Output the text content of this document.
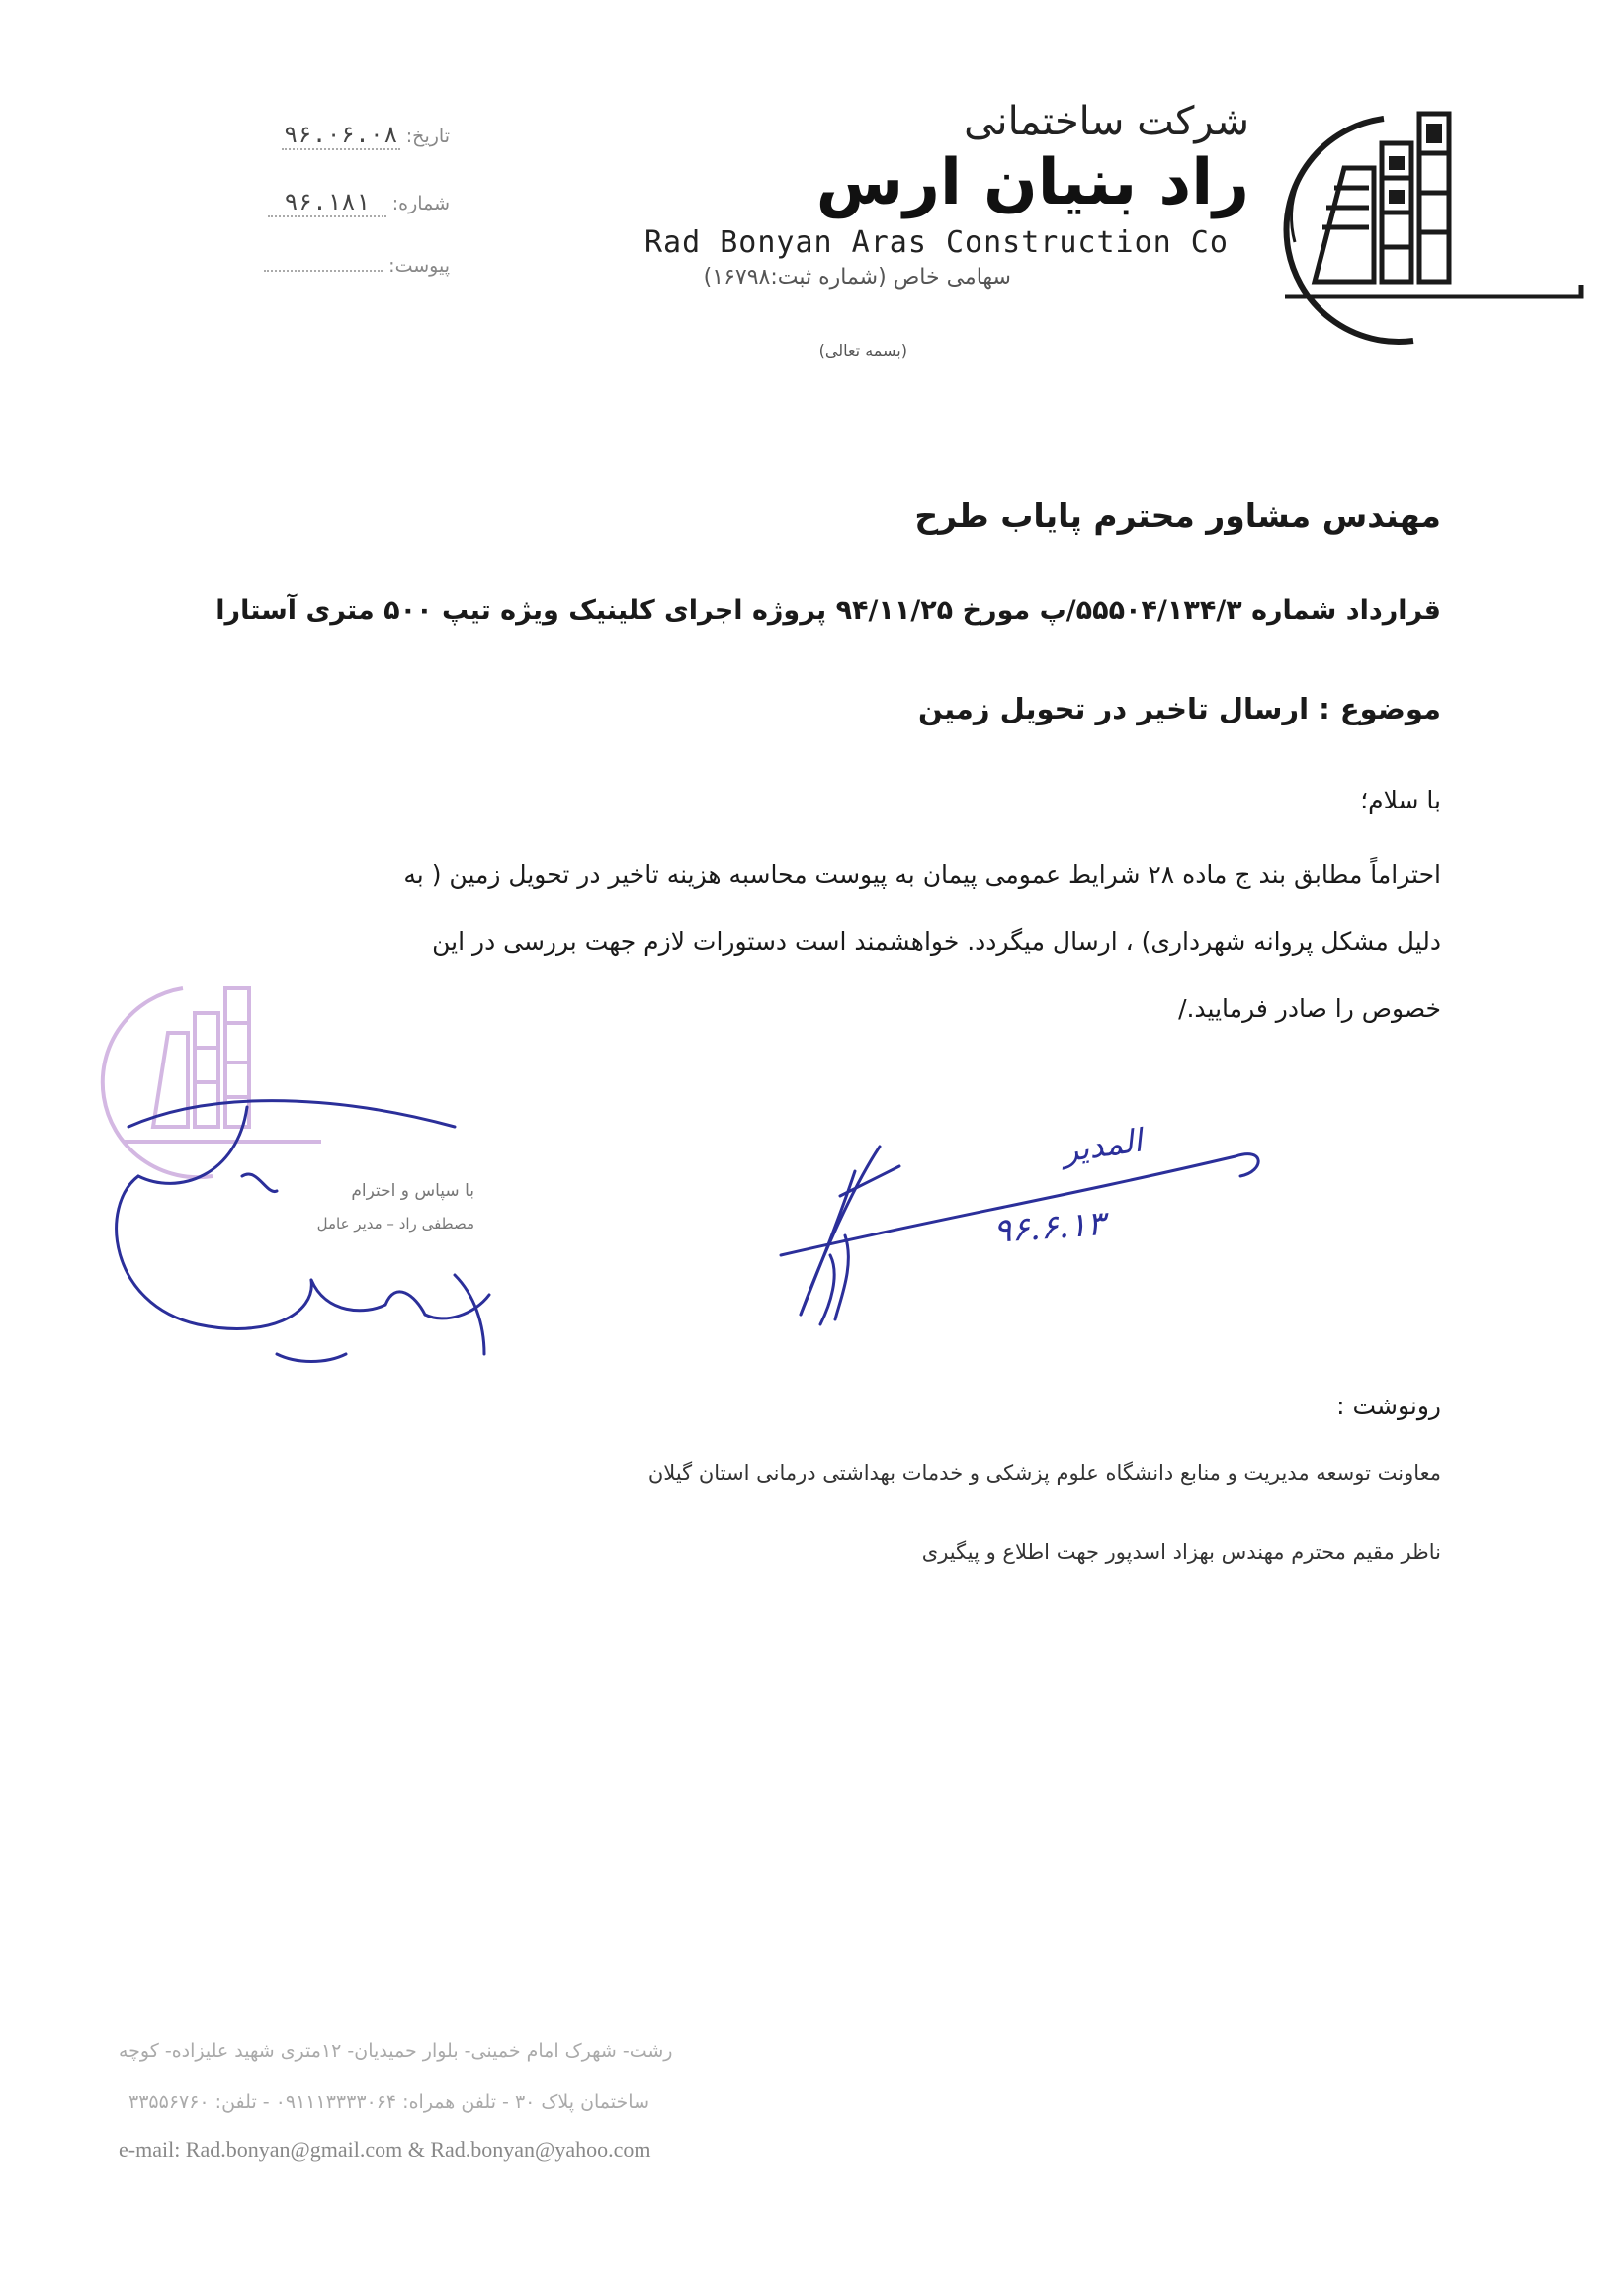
شرکت ساختمانی
راد بنیان ارس
Rad Bonyan Aras Construction Co
سهامی خاص (شماره ثبت:۱۶۷۹۸)
(بسمه تعالی)
تاریخ:
۹۶.۰۶.۰۸
شماره:
۹۶.۱۸۱
پیوست:
مهندس مشاور محترم پایاب طرح
قرارداد شماره ۵۵۵۰۴/۱۳۴/۳/پ مورخ ۹۴/۱۱/۲۵ پروژه اجرای کلینیک ویژه تیپ ۵۰۰ متری آستارا
موضوع : ارسال تاخیر در تحویل زمین
با سلام؛
احتراماً مطابق بند ج ماده ۲۸ شرایط عمومی پیمان به پیوست محاسبه هزینه تاخیر در تحویل زمین ( به
دلیل مشکل پروانه شهرداری) ، ارسال میگردد. خواهشمند است دستورات لازم جهت بررسی در این
خصوص را صادر فرمایید./
با سپاس و احترام
مصطفی راد – مدیر عامل
المدیر
۹۶.۶.۱۳
رونوشت :
معاونت توسعه مدیریت و منابع دانشگاه علوم پزشکی و خدمات بهداشتی درمانی استان گیلان
ناظر مقیم محترم مهندس بهزاد اسدپور جهت اطلاع و پیگیری
رشت- شهرک امام خمینی- بلوار حمیدیان- ۱۲متری شهید علیزاده- کوچه
ساختمان پلاک ۳۰ - تلفن همراه: ۰۹۱۱۱۳۳۳۳۰۶۴ - تلفن: ۳۳۵۵۶۷۶۰
e-mail: Rad.bonyan@gmail.com & Rad.bonyan@yahoo.com
